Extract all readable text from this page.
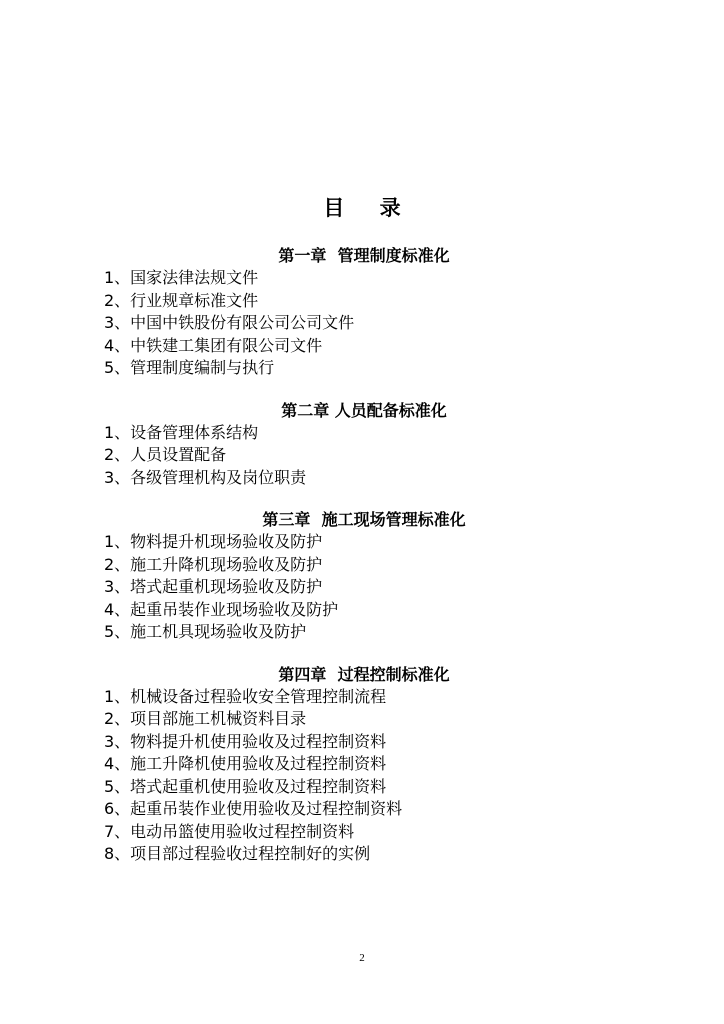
目 录
第一章  管理制度标准化
1、国家法律法规文件
2、行业规章标准文件
3、中国中铁股份有限公司公司文件
4、中铁建工集团有限公司文件
5、管理制度编制与执行
第二章 人员配备标准化
1、设备管理体系结构
2、人员设置配备
3、各级管理机构及岗位职责
第三章  施工现场管理标准化
1、物料提升机现场验收及防护
2、施工升降机现场验收及防护
3、塔式起重机现场验收及防护
4、起重吊装作业现场验收及防护
5、施工机具现场验收及防护
第四章  过程控制标准化
1、机械设备过程验收安全管理控制流程
2、项目部施工机械资料目录
3、物料提升机使用验收及过程控制资料
4、施工升降机使用验收及过程控制资料
5、塔式起重机使用验收及过程控制资料
6、起重吊装作业使用验收及过程控制资料
7、电动吊篮使用验收过程控制资料
8、项目部过程验收过程控制好的实例
2
